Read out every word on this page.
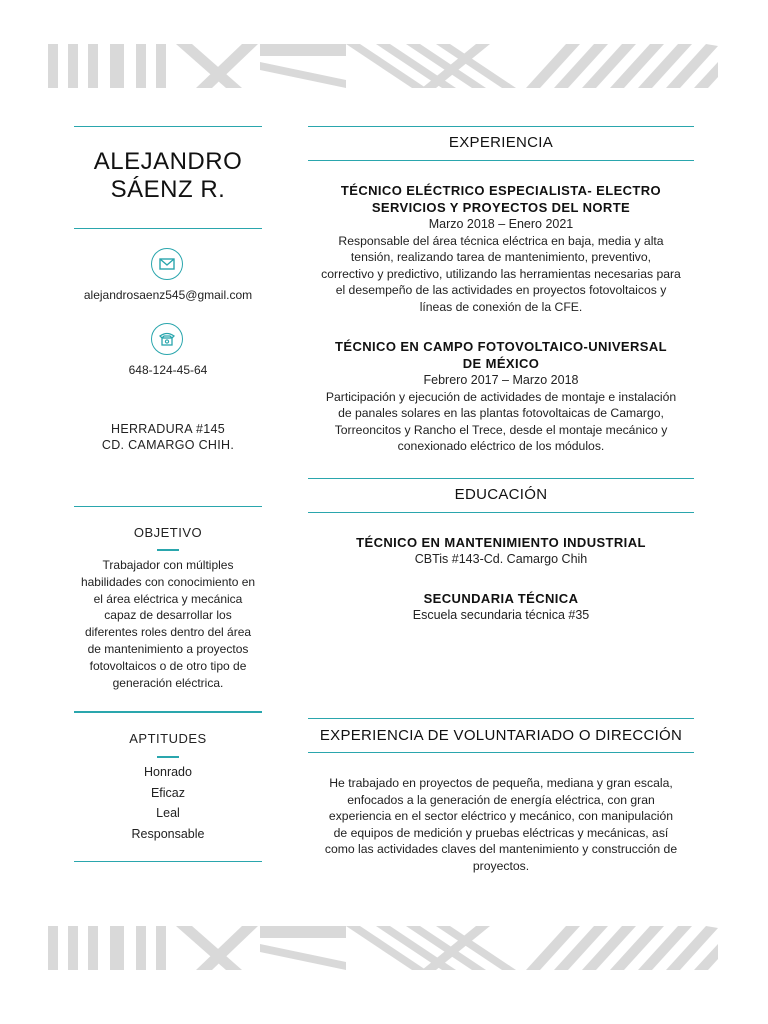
ALEJANDRO
SÁENZ R.
alejandrosaenz545@gmail.com
648-124-45-64
HERRADURA #145
CD. CAMARGO CHIH.
OBJETIVO
Trabajador con múltiples
habilidades con conocimiento en
el área eléctrica y mecánica
capaz de desarrollar los
diferentes roles dentro del área
de mantenimiento a proyectos
fotovoltaicos o de otro tipo de
generación eléctrica.
APTITUDES
Honrado
Eficaz
Leal
Responsable
EXPERIENCIA
TÉCNICO ELÉCTRICO ESPECIALISTA- ELECTRO
SERVICIOS Y PROYECTOS DEL NORTE
Marzo 2018 – Enero 2021
Responsable del área técnica eléctrica en baja, media y alta
tensión, realizando tarea de mantenimiento, preventivo,
correctivo y predictivo, utilizando las herramientas necesarias para
el desempeño de las actividades en proyectos fotovoltaicos y
líneas de conexión de la CFE.
TÉCNICO EN CAMPO FOTOVOLTAICO-UNIVERSAL
DE MÉXICO
Febrero 2017 – Marzo 2018
Participación y ejecución de actividades de montaje e instalación
de panales solares en las plantas fotovoltaicas de Camargo,
Torreoncitos y Rancho el Trece, desde el montaje mecánico y
conexionado eléctrico de los módulos.
EDUCACIÓN
TÉCNICO EN MANTENIMIENTO INDUSTRIAL
CBTis #143-Cd. Camargo Chih
SECUNDARIA TÉCNICA
Escuela secundaria técnica #35
EXPERIENCIA DE VOLUNTARIADO O DIRECCIÓN
He trabajado en proyectos de pequeña, mediana y gran escala,
enfocados a la generación de energía eléctrica, con gran
experiencia en el sector eléctrico y mecánico, con manipulación
de equipos de medición y pruebas eléctricas y mecánicas, así
como las actividades claves del mantenimiento y construcción de
proyectos.
